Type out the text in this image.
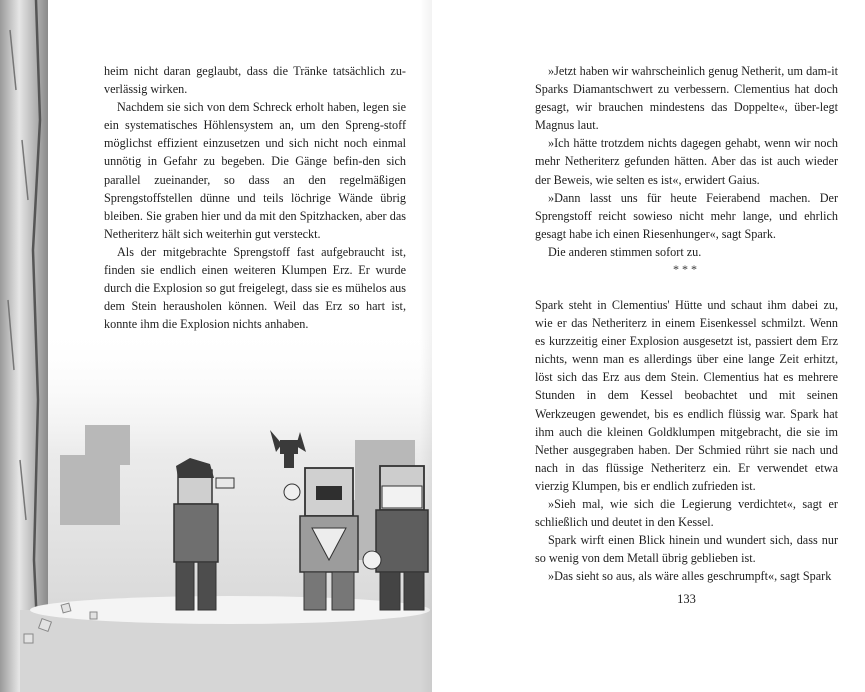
heim nicht daran geglaubt, dass die Tränke tatsächlich zu-verlässig wirken.

Nachdem sie sich von dem Schreck erholt haben, legen sie ein systematisches Höhlensystem an, um den Spreng-stoff möglichst effizient einzusetzen und sich nicht noch einmal unnötig in Gefahr zu begeben. Die Gänge befin-den sich parallel zueinander, so dass an den regelmäßigen Sprengstoffstellen dünne und teils löchrige Wände übrig bleiben. Sie graben hier und da mit den Spitzhacken, aber das Netheriterz hält sich weiterhin gut versteckt.

Als der mitgebrachte Sprengstoff fast aufgebraucht ist, finden sie endlich einen weiteren Klumpen Erz. Er wurde durch die Explosion so gut freigelegt, dass sie es mühelos aus dem Stein herausholen können. Weil das Erz so hart ist, konnte ihm die Explosion nichts anhaben.

»Jetzt haben wir wahrscheinlich genug Netherit, um dam-it Sparks Diamantschwert zu verbessern. Clementius hat doch gesagt, wir brauchen mindestens das Doppelte«, über-legt Magnus laut.

»Ich hätte trotzdem nichts dagegen gehabt, wenn wir noch mehr Netheriterz gefunden hätten. Aber das ist auch wieder der Beweis, wie selten es ist«, erwidert Gaius.

»Dann lasst uns für heute Feierabend machen. Der Sprengstoff reicht sowieso nicht mehr lange, und ehrlich gesagt habe ich einen Riesenhunger«, sagt Spark.

Die anderen stimmen sofort zu.

***

Spark steht in Clementius' Hütte und schaut ihm dabei zu, wie er das Netheriterz in einem Eisenkessel schmilzt. Wenn es kurzzeitig einer Explosion ausgesetzt ist, passiert dem Erz nichts, wenn man es allerdings über eine lange Zeit erhitzt, löst sich das Erz aus dem Stein. Clementius hat es mehrere Stunden in dem Kessel beobachtet und mit seinen Werkzeugen gewendet, bis es endlich flüssig war. Spark hat ihm auch die kleinen Goldklumpen mitgebracht, die sie im Nether ausgegraben haben. Der Schmied rührt sie nach und nach in das flüssige Netheriterz ein. Er verwendet etwa vierzig Klumpen, bis er endlich zufrieden ist.

»Sieh mal, wie sich die Legierung verdichtet«, sagt er schließlich und deutet in den Kessel.

Spark wirft einen Blick hinein und wundert sich, dass nur so wenig von dem Metall übrig geblieben ist.

»Das sieht so aus, als wäre alles geschrumpft«, sagt Spark

133
